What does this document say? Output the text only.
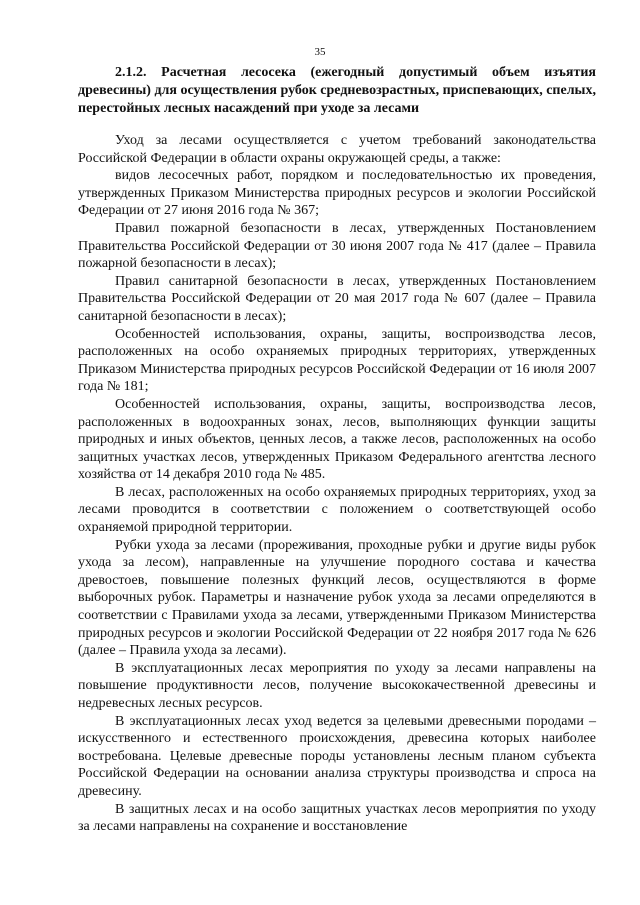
35

2.1.2. Расчетная лесосека (ежегодный допустимый объем изъятия древесины) для осуществления рубок средневозрастных, приспевающих, спелых, перестойных лесных насаждений при уходе за лесами

Уход за лесами осуществляется с учетом требований законодательства Российской Федерации в области охраны окружающей среды, а также:

видов лесосечных работ, порядком и последовательностью их проведения, утвержденных Приказом Министерства природных ресурсов и экологии Российской Федерации от 27 июня 2016 года № 367;

Правил пожарной безопасности в лесах, утвержденных Постановлением Правительства Российской Федерации от 30 июня 2007 года № 417 (далее – Правила пожарной безопасности в лесах);

Правил санитарной безопасности в лесах, утвержденных Постановлением Правительства Российской Федерации от 20 мая 2017 года № 607 (далее – Правила санитарной безопасности в лесах);

Особенностей использования, охраны, защиты, воспроизводства лесов, расположенных на особо охраняемых природных территориях, утвержденных Приказом Министерства природных ресурсов Российской Федерации от 16 июля 2007 года № 181;

Особенностей использования, охраны, защиты, воспроизводства лесов, расположенных в водоохранных зонах, лесов, выполняющих функции защиты природных и иных объектов, ценных лесов, а также лесов, расположенных на особо защитных участках лесов, утвержденных Приказом Федерального агентства лесного хозяйства от 14 декабря 2010 года № 485.

В лесах, расположенных на особо охраняемых природных территориях, уход за лесами проводится в соответствии с положением о соответствующей особо охраняемой природной территории.

Рубки ухода за лесами (прореживания, проходные рубки и другие виды рубок ухода за лесом), направленные на улучшение породного состава и качества древостоев, повышение полезных функций лесов, осуществляются в форме выборочных рубок. Параметры и назначение рубок ухода за лесами определяются в соответствии с Правилами ухода за лесами, утвержденными Приказом Министерства природных ресурсов и экологии Российской Федерации от 22 ноября 2017 года № 626 (далее – Правила ухода за лесами).

В эксплуатационных лесах мероприятия по уходу за лесами направлены на повышение продуктивности лесов, получение высококачественной древесины и недревесных лесных ресурсов.

В эксплуатационных лесах уход ведется за целевыми древесными породами – искусственного и естественного происхождения, древесина которых наиболее востребована. Целевые древесные породы установлены лесным планом субъекта Российской Федерации на основании анализа структуры производства и спроса на древесину.

В защитных лесах и на особо защитных участках лесов мероприятия по уходу за лесами направлены на сохранение и восстановление
